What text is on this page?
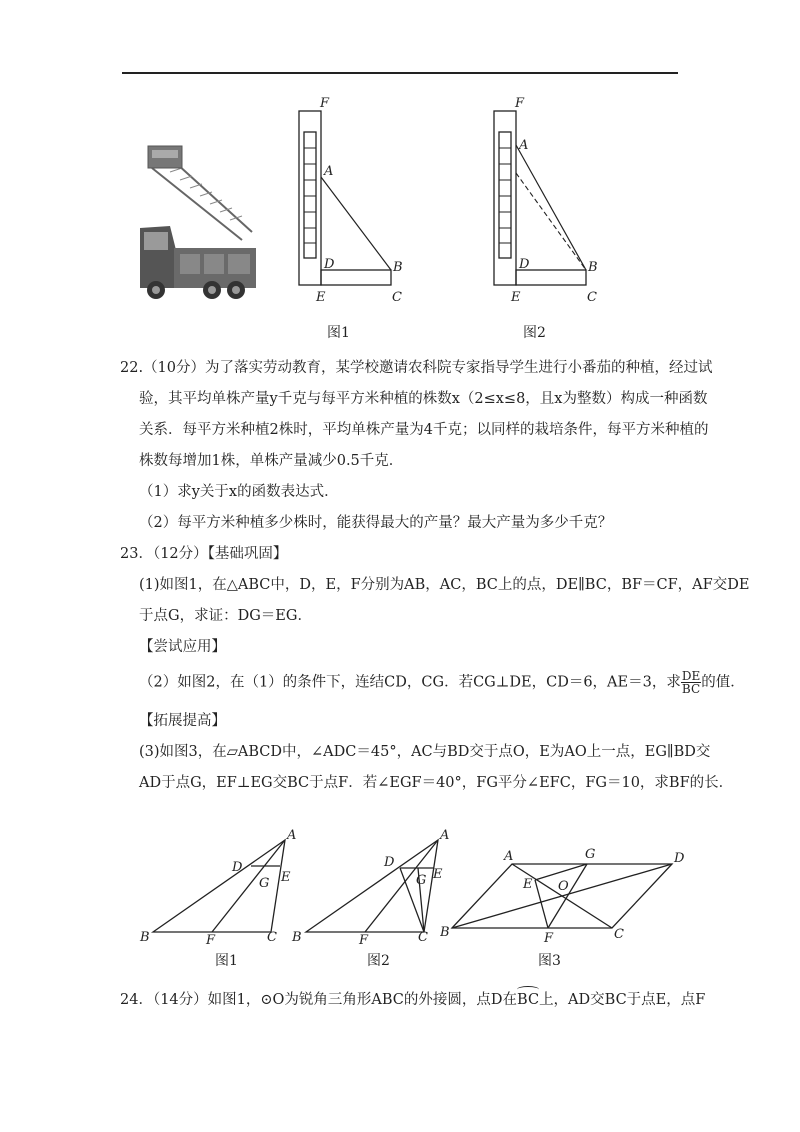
F
A
D	B
E	C
图1
F
A
D	B
E	C
图2
22.（10分）为了落实劳动教育，某学校邀请农科院专家指导学生进行小番茄的种植，经过试
验，其平均单株产量y千克与每平方米种植的株数x（2≤x≤8，且x为整数）构成一种函数
关系．每平方米种植2株时，平均单株产量为4千克；以同样的栽培条件，每平方米种植的
株数每增加1株，单株产量减少0.5千克．
（1）求y关于x的函数表达式．
（2）每平方米种植多少株时，能获得最大的产量？最大产量为多少千克？
23．（12分）【基础巩固】
(1)如图1，在△ABC中，D，E，F分别为AB，AC，BC上的点，DE∥BC，BF＝CF，AF交DE
于点G，求证：DG＝EG．
【尝试应用】
（2）如图2，在（1）的条件下，连结CD，CG．若CG⊥DE，CD＝6，AE＝3，求 $\frac{DE}{BC}$ 的值．
【拓展提高】
(3)如图3，在▱ABCD中，∠ADC＝45°，AC与BD交于点O，E为AO上一点，EG∥BD交
AD于点G，EF⊥EG交BC于点F．若∠EGF＝40°，FG平分∠EFC，FG＝10，求BF的长．
A
D
G E
B	F	C
图1
A
D
G E
B	F	C
图2
A	G	D
E O
B	F	C
图3
24．（14分）如图1，⊙O为锐角三角形ABC的外接圆，点D在BC上，AD交BC于点E，点F
